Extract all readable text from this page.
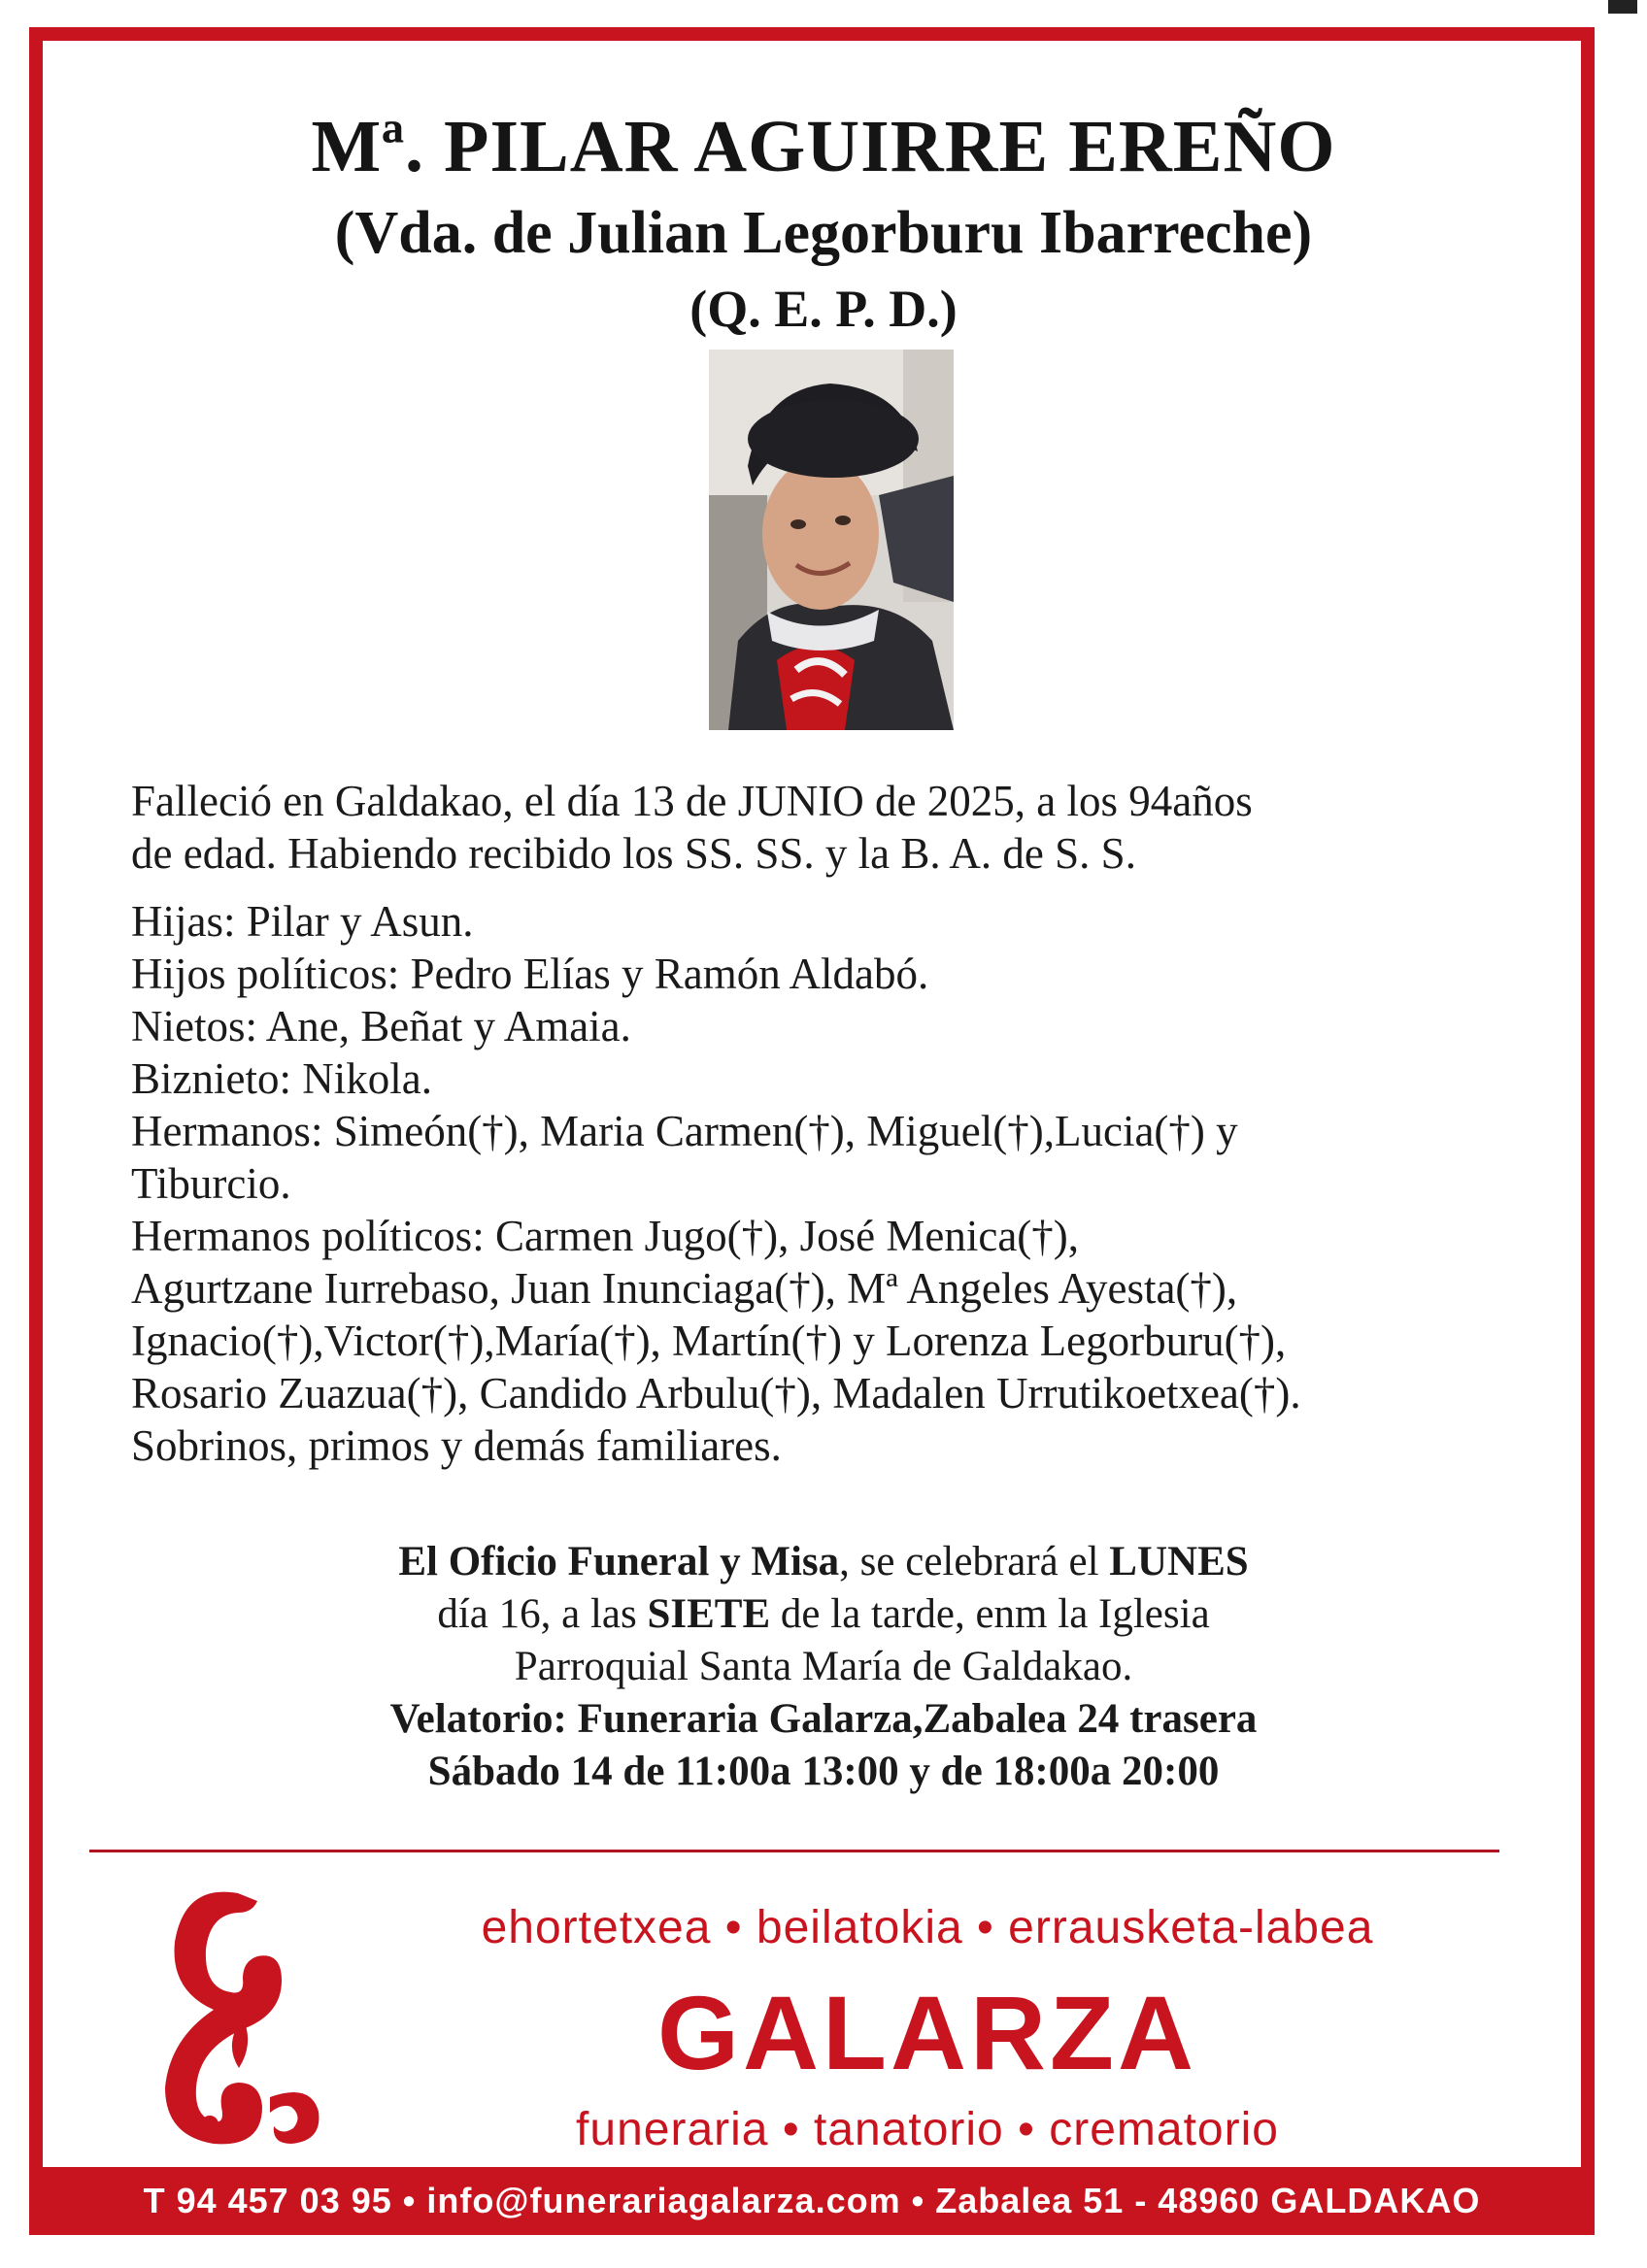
Mª. PILAR AGUIRRE EREÑO
(Vda. de Julian Legorburu Ibarreche)
(Q. E. P. D.)

Falleció en Galdakao, el día 13 de JUNIO de 2025, a los 94años

de edad. Habiendo recibido los SS. SS. y la B. A. de S. S.

Hijas: Pilar y Asun.

Hijos políticos: Pedro Elías y Ramón Aldabó.

Nietos: Ane, Beñat y Amaia.

Biznieto: Nikola.

Hermanos: Simeón(†), Maria Carmen(†), Miguel(†),Lucia(†) y

Tiburcio.

Hermanos políticos: Carmen Jugo(†), José Menica(†),

Agurtzane Iurrebaso, Juan Inunciaga(†), Mª Angeles Ayesta(†),

Ignacio(†),Victor(†),María(†), Martín(†) y Lorenza Legorburu(†),

Rosario Zuazua(†), Candido Arbulu(†), Madalen Urrutikoetxea(†).

Sobrinos, primos y demás familiares.

El Oficio Funeral y Misa, se celebrará el LUNES

día 16, a las SIETE de la tarde, enm la Iglesia

Parroquial Santa María de Galdakao.

Velatorio: Funeraria Galarza,Zabalea 24 trasera

Sábado 14 de 11:00a 13:00 y de 18:00a 20:00

ehortetxea • beilatokia • errausketa-labea
GALARZA
funeraria • tanatorio • crematorio
T 94 457 03 95 • info@funerariagalarza.com • Zabalea 51 - 48960 GALDAKAO
